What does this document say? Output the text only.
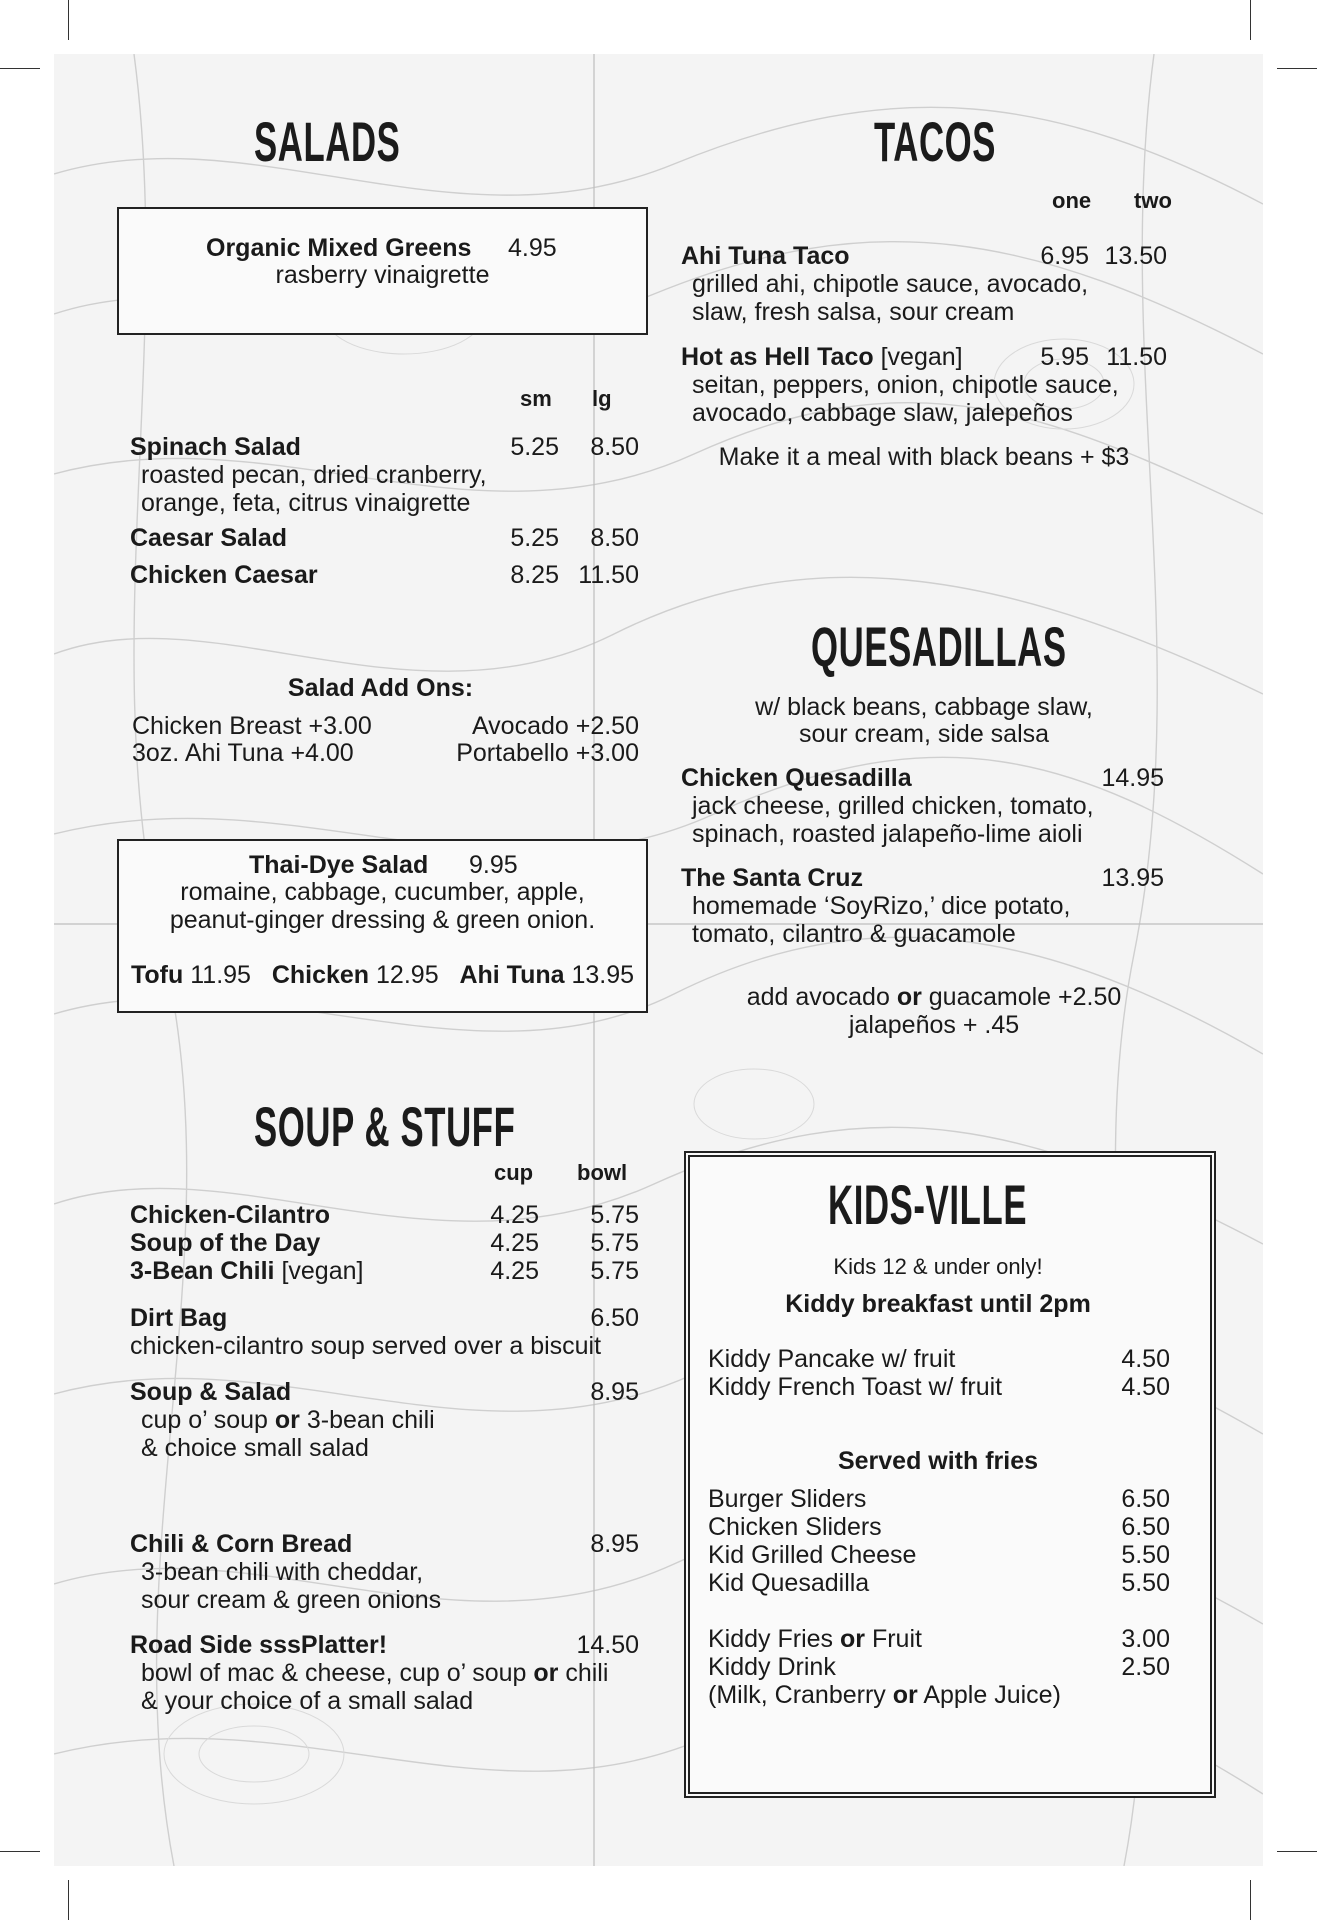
SALADS
Organic Mixed Greens 4.95
rasberry vinaigrette
sm lg
Spinach Salad	5.25	8.50
roasted pecan, dried cranberry,
orange, feta, citrus vinaigrette
Caesar Salad	5.25	8.50
Chicken Caesar	8.25 11.50
Salad Add Ons:
Chicken Breast +3.00	Avocado +2.50
3oz. Ahi Tuna +4.00	Portabello +3.00
Thai-Dye Salad 9.95
romaine, cabbage, cucumber, apple,
peanut-ginger dressing & green onion.
Tofu 11.95 Chicken 12.95 Ahi Tuna 13.95
TACOS
one two
Ahi Tuna Taco	6.95 13.50
grilled ahi, chipotle sauce, avocado,
slaw, fresh salsa, sour cream
Hot as Hell Taco [vegan]	5.95 11.50
seitan, peppers, onion, chipotle sauce,
avocado, cabbage slaw, jalepeños
Make it a meal with black beans + $3
QUESADILLAS
w/ black beans, cabbage slaw,
sour cream, side salsa
Chicken Quesadilla	14.95
jack cheese, grilled chicken, tomato,
spinach, roasted jalapeño-lime aioli
The Santa Cruz	13.95
homemade ‘SoyRizo,’ dice potato,
tomato, cilantro & guacamole
add avocado or guacamole +2.50
jalapeños + .45
SOUP & STUFF
cup bowl
Chicken-Cilantro	4.25	5.75
Soup of the Day	4.25	5.75
3-Bean Chili [vegan]	4.25	5.75
Dirt Bag	6.50
chicken-cilantro soup served over a biscuit
Soup & Salad	8.95
cup o’ soup or 3-bean chili
& choice small salad
Chili & Corn Bread	8.95
3-bean chili with cheddar,
sour cream & green onions
Road Side sssPlatter!	14.50
bowl of mac & cheese, cup o’ soup or chili
& your choice of a small salad
KIDS-VILLE
Kids 12 & under only!
Kiddy breakfast until 2pm
Kiddy Pancake w/ fruit	4.50
Kiddy French Toast w/ fruit	4.50
Served with fries
Burger Sliders	6.50
Chicken Sliders	6.50
Kid Grilled Cheese	5.50
Kid Quesadilla	5.50
Kiddy Fries or Fruit	3.00
Kiddy Drink	2.50
(Milk, Cranberry or Apple Juice)
